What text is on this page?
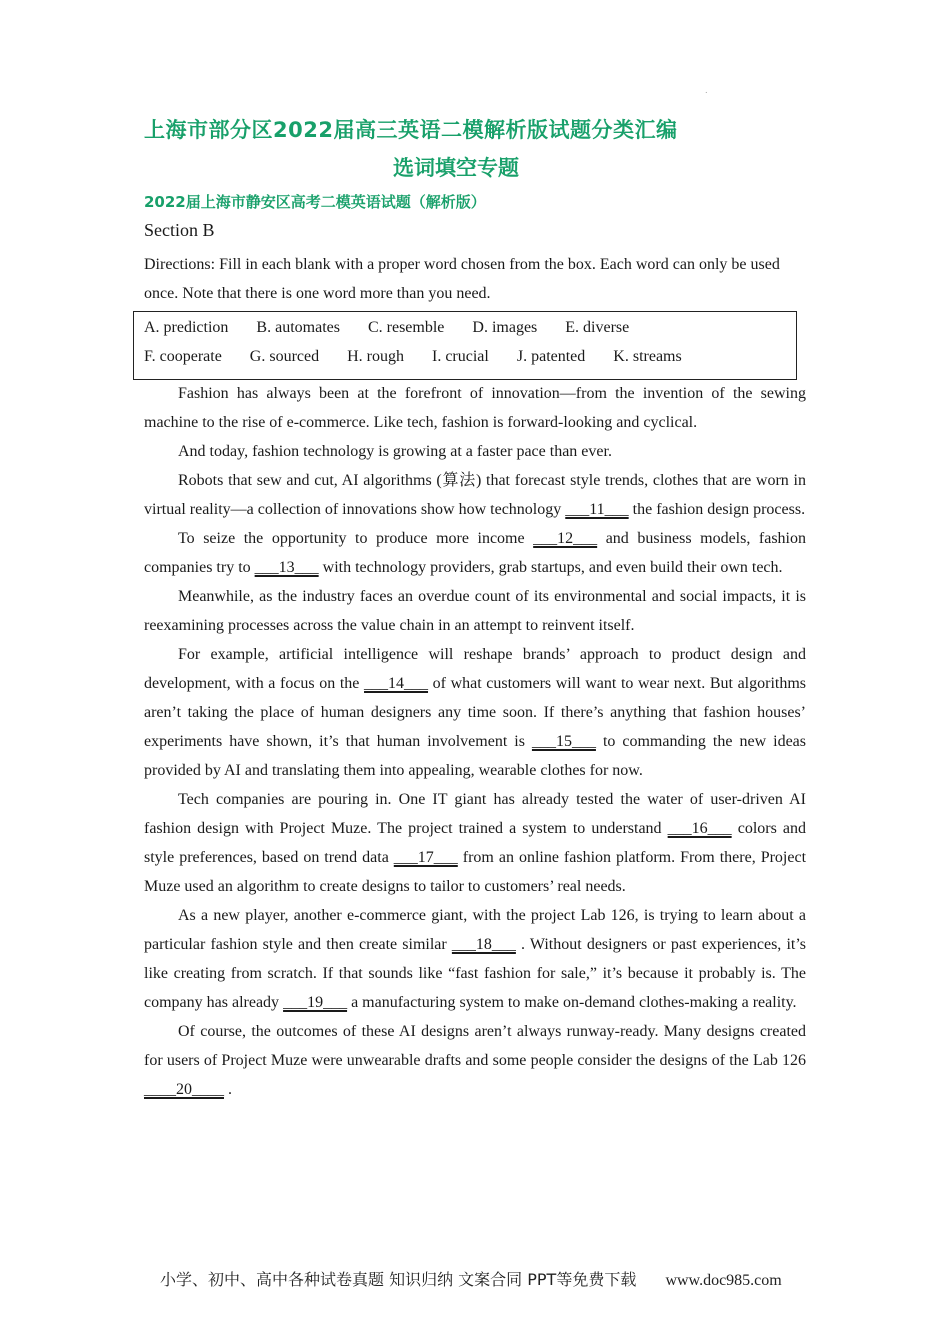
.
上海市部分区2022届高三英语二模解析版试题分类汇编
选词填空专题
2022届上海市静安区高考二模英语试题（解析版）
Section B
Directions: Fill in each blank with a proper word chosen from the box. Each word can only be used once. Note that there is one word more than you need.
A. prediction B. automates C. resemble D. images E. diverse
F. cooperate G. sourced H. rough I. crucial J. patented K. streams

Fashion has always been at the forefront of innovation—from the invention of the sewing machine to the rise of e-commerce. Like tech, fashion is forward-looking and cyclical.

And today, fashion technology is growing at a faster pace than ever.

Robots that sew and cut, AI algorithms (算法) that forecast style trends, clothes that are worn in virtual reality—a collection of innovations show how technology ___11___ the fashion design process.

To seize the opportunity to produce more income ___12___ and business models, fashion companies try to ___13___ with technology providers, grab startups, and even build their own tech.

Meanwhile, as the industry faces an overdue count of its environmental and social impacts, it is reexamining processes across the value chain in an attempt to reinvent itself.

For example, artificial intelligence will reshape brands’ approach to product design and development, with a focus on the ___14___ of what customers will want to wear next. But algorithms aren’t taking the place of human designers any time soon. If there’s anything that fashion houses’ experiments have shown, it’s that human involvement is ___15___ to commanding the new ideas provided by AI and translating them into appealing, wearable clothes for now.

Tech companies are pouring in. One IT giant has already tested the water of user-driven AI fashion design with Project Muze. The project trained a system to understand ___16___ colors and style preferences, based on trend data ___17___ from an online fashion platform. From there, Project Muze used an algorithm to create designs to tailor to customers’ real needs.

As a new player, another e-commerce giant, with the project Lab 126, is trying to learn about a particular fashion style and then create similar ___18___ . Without designers or past experiences, it’s like creating from scratch. If that sounds like “fast fashion for sale,” it’s because it probably is. The company has already ___19___ a manufacturing system to make on-demand clothes-making a reality.

Of course, the outcomes of these AI designs aren’t always runway-ready. Many designs created for users of Project Muze were unwearable drafts and some people consider the designs of the Lab 126 ____20____ .

小学、初中、高中各种试卷真题 知识归纳 文案合同 PPT等免费下载 www.doc985.com
